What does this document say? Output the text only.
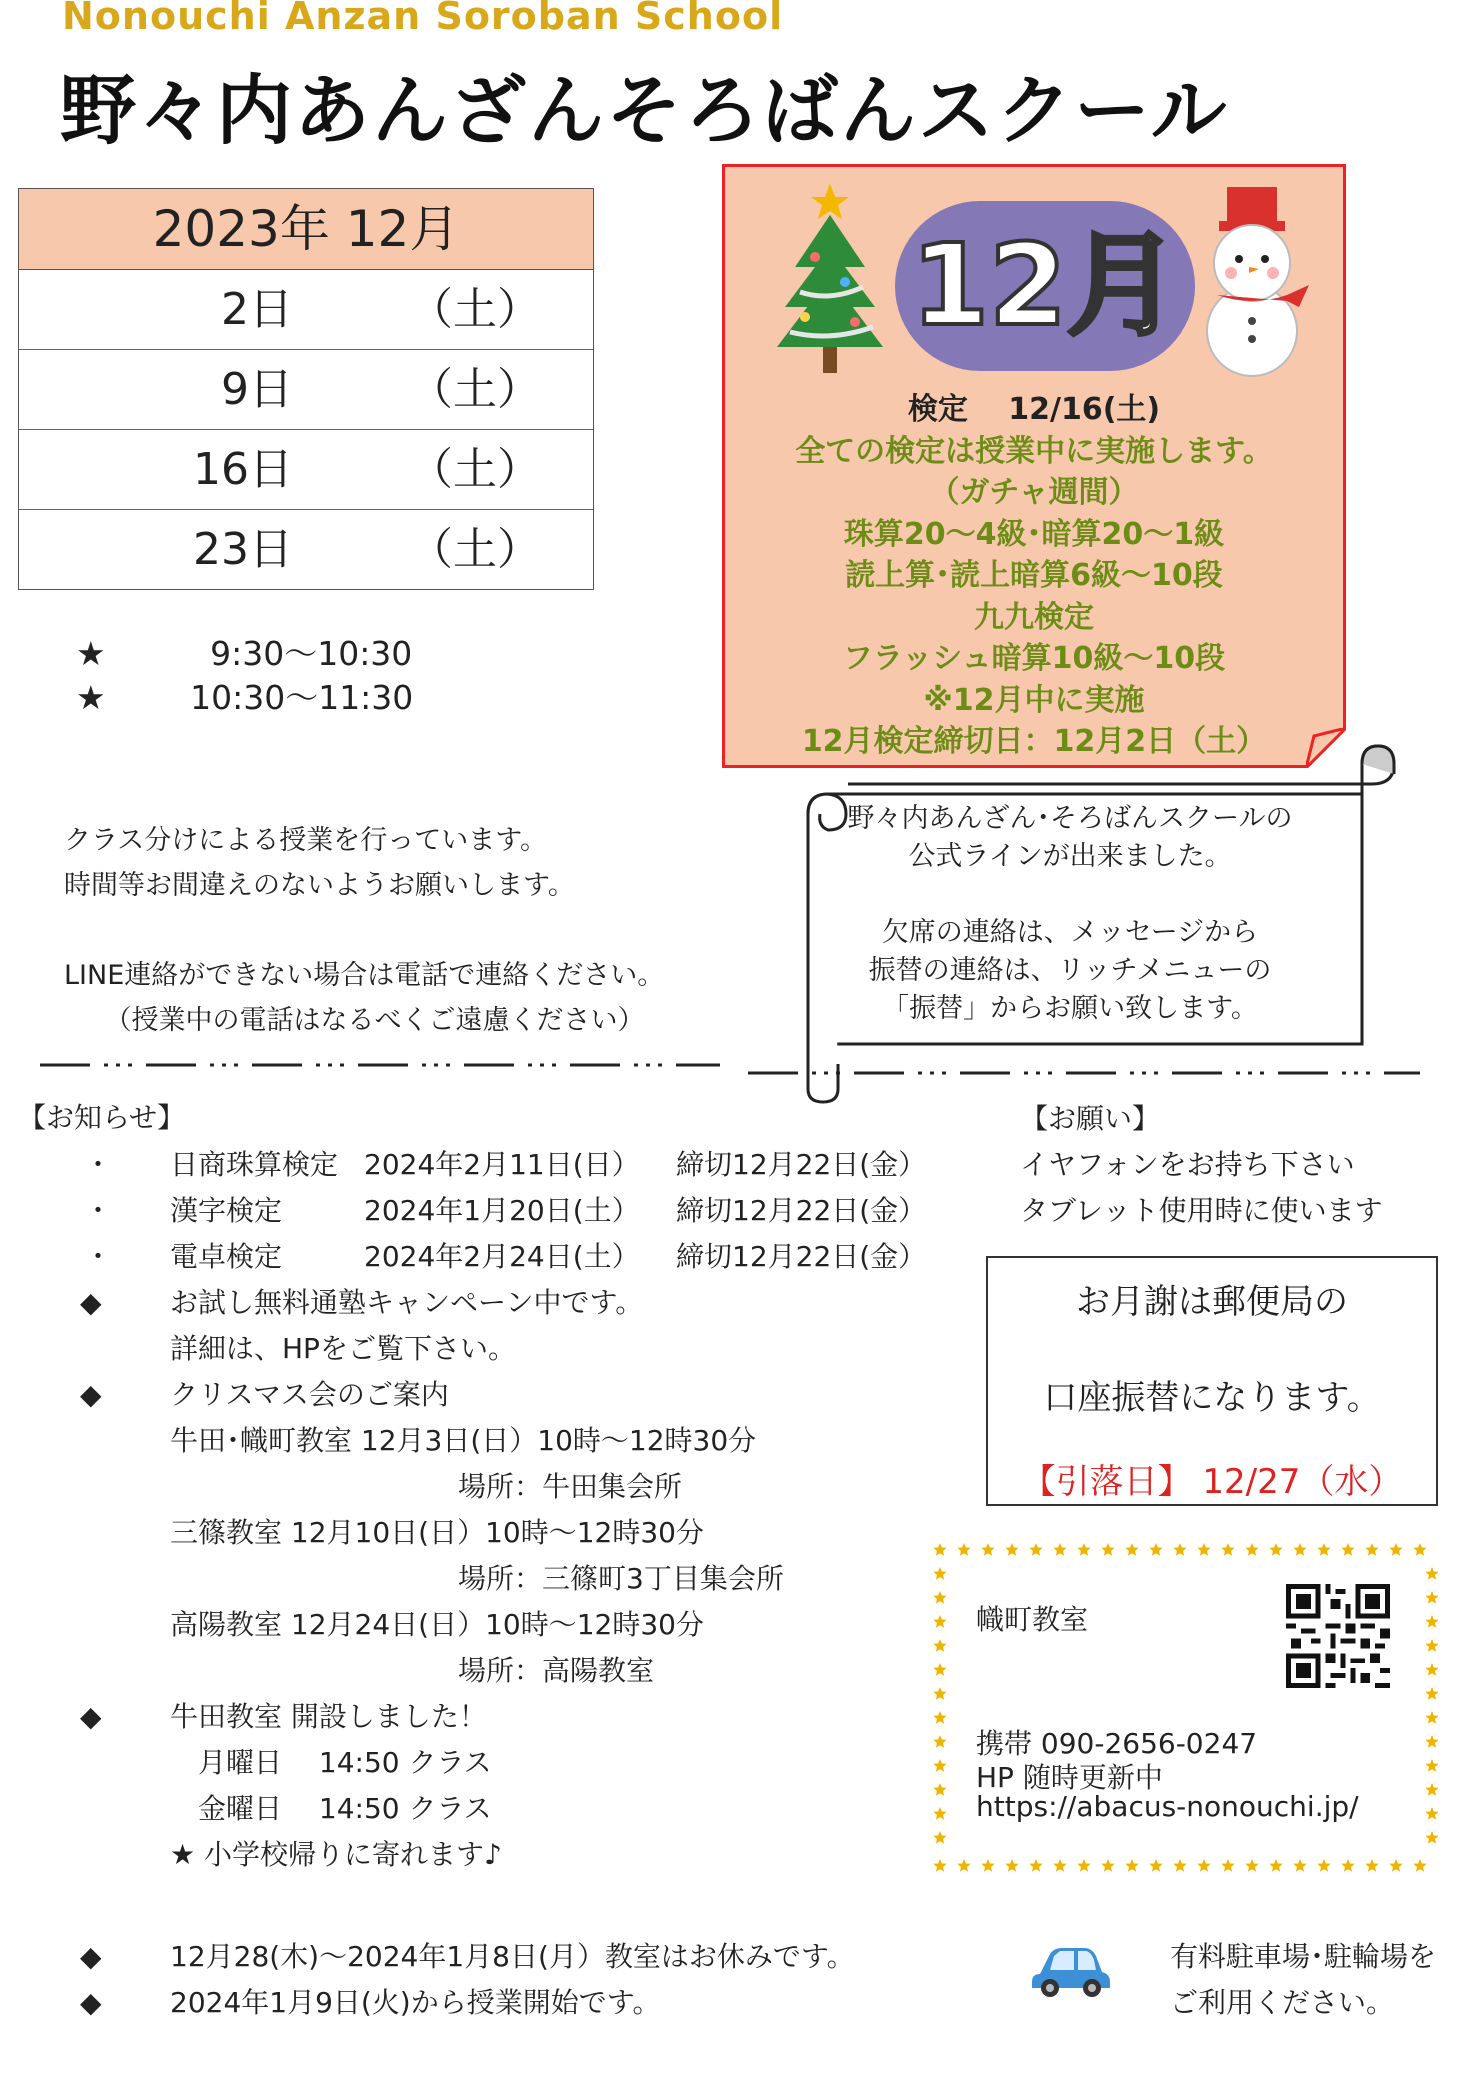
Nonouchi Anzan Soroban School
野々内あんざんそろばんスクール
2023年 12月
2日	（土）
9日	（土）
16日	（土）
23日	（土）
★	9:30～10:30
★	10:30～11:30
12月
検定　 12/16(土)
全ての検定は授業中に実施します。
（ガチャ週間）
珠算20～4級･暗算20～1級
読上算･読上暗算6級～10段
九九検定
フラッシュ暗算10級～10段
※12月中に実施
12月検定締切日：12月2日（土）
クラス分けによる授業を行っています。
時間等お間違えのないようお願いします。
LINE連絡ができない場合は電話で連絡ください。
　　（授業中の電話はなるべくご遠慮ください）
野々内あんざん･そろばんスクールの
公式ラインが出来ました。
欠席の連絡は、メッセージから
振替の連絡は、リッチメニューの
「振替」からお願い致します。
【お知らせ】
・ 日商珠算検定 2024年2月11日(日） 締切12月22日(金）
・ 漢字検定	2024年1月20日(土） 締切12月22日(金）
・ 電卓検定	2024年2月24日(土） 締切12月22日(金）
◆ お試し無料通塾キャンペーン中です。
詳細は、HPをご覧下さい。
◆ クリスマス会のご案内
牛田･幟町教室 12月3日(日）10時～12時30分
場所：牛田集会所
三篠教室 12月10日(日）10時～12時30分
場所：三篠町3丁目集会所
高陽教室 12月24日(日）10時～12時30分
場所：高陽教室
◆ 牛田教室 開設しました！
　月曜日　 14:50 クラス
　金曜日　 14:50 クラス
★ 小学校帰りに寄れます♪
◆ 12月28(木)～2024年1月8日(月）教室はお休みです。
◆ 2024年1月9日(火)から授業開始です。
【お願い】
イヤフォンをお持ち下さい
タブレット使用時に使います
お月謝は郵便局の
口座振替になります。
【引落日】 12/27（水）
幟町教室
携帯 090-2656-0247
HP 随時更新中
https://abacus-nonouchi.jp/
有料駐車場･駐輪場を
ご利用ください。
